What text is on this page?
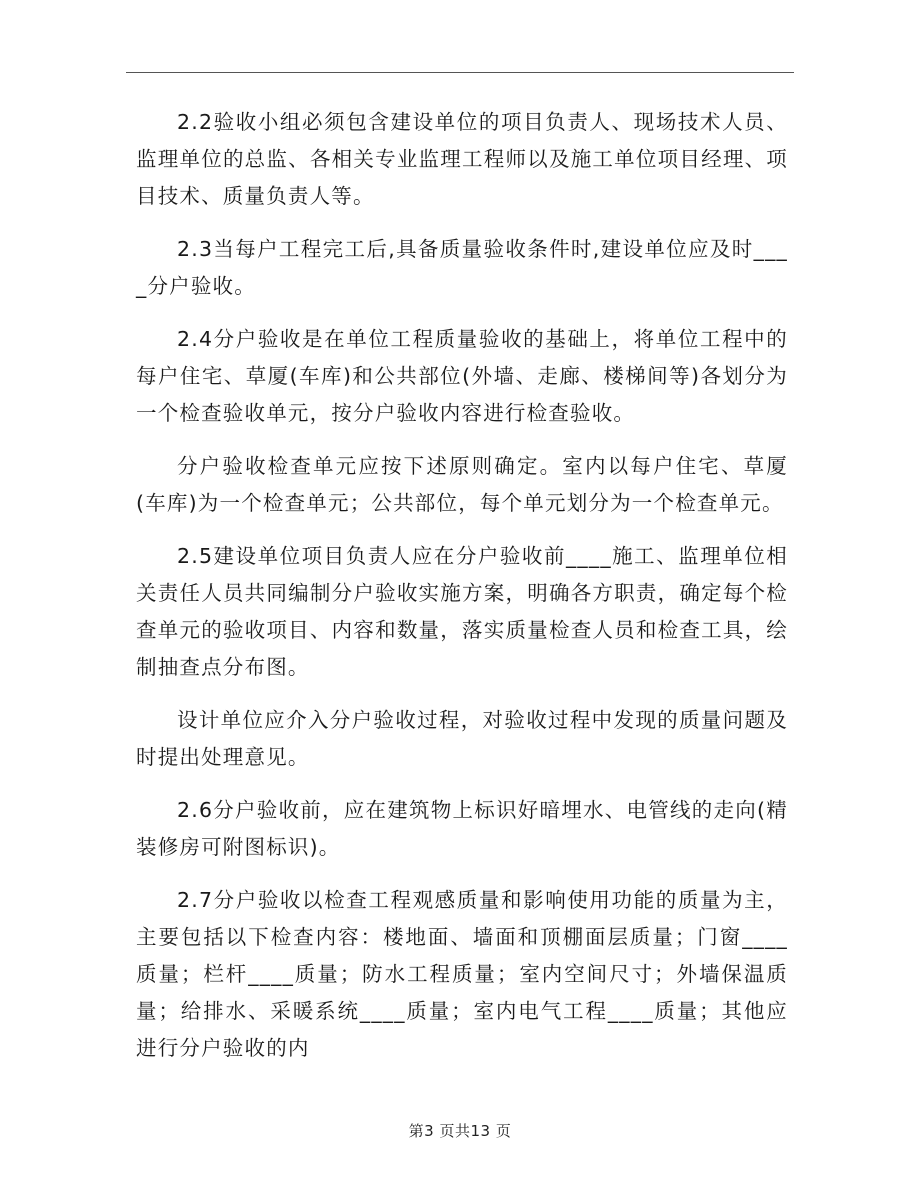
2.2验收小组必须包含建设单位的项目负责人、现场技术人员、监理单位的总监、各相关专业监理工程师以及施工单位项目经理、项目技术、质量负责人等。

2.3当每户工程完工后,具备质量验收条件时,建设单位应及时____分户验收。

2.4分户验收是在单位工程质量验收的基础上，将单位工程中的每户住宅、草厦(车库)和公共部位(外墙、走廊、楼梯间等)各划分为一个检查验收单元，按分户验收内容进行检查验收。

分户验收检查单元应按下述原则确定。室内以每户住宅、草厦(车库)为一个检查单元；公共部位，每个单元划分为一个检查单元。

2.5建设单位项目负责人应在分户验收前____施工、监理单位相关责任人员共同编制分户验收实施方案，明确各方职责，确定每个检查单元的验收项目、内容和数量，落实质量检查人员和检查工具，绘制抽查点分布图。

设计单位应介入分户验收过程，对验收过程中发现的质量问题及时提出处理意见。

2.6分户验收前，应在建筑物上标识好暗埋水、电管线的走向(精装修房可附图标识)。

2.7分户验收以检查工程观感质量和影响使用功能的质量为主，主要包括以下检查内容：楼地面、墙面和顶棚面层质量；门窗____质量；栏杆____质量；防水工程质量；室内空间尺寸；外墙保温质量；给排水、采暖系统____质量；室内电气工程____质量；其他应进行分户验收的内

第3 页共13 页
